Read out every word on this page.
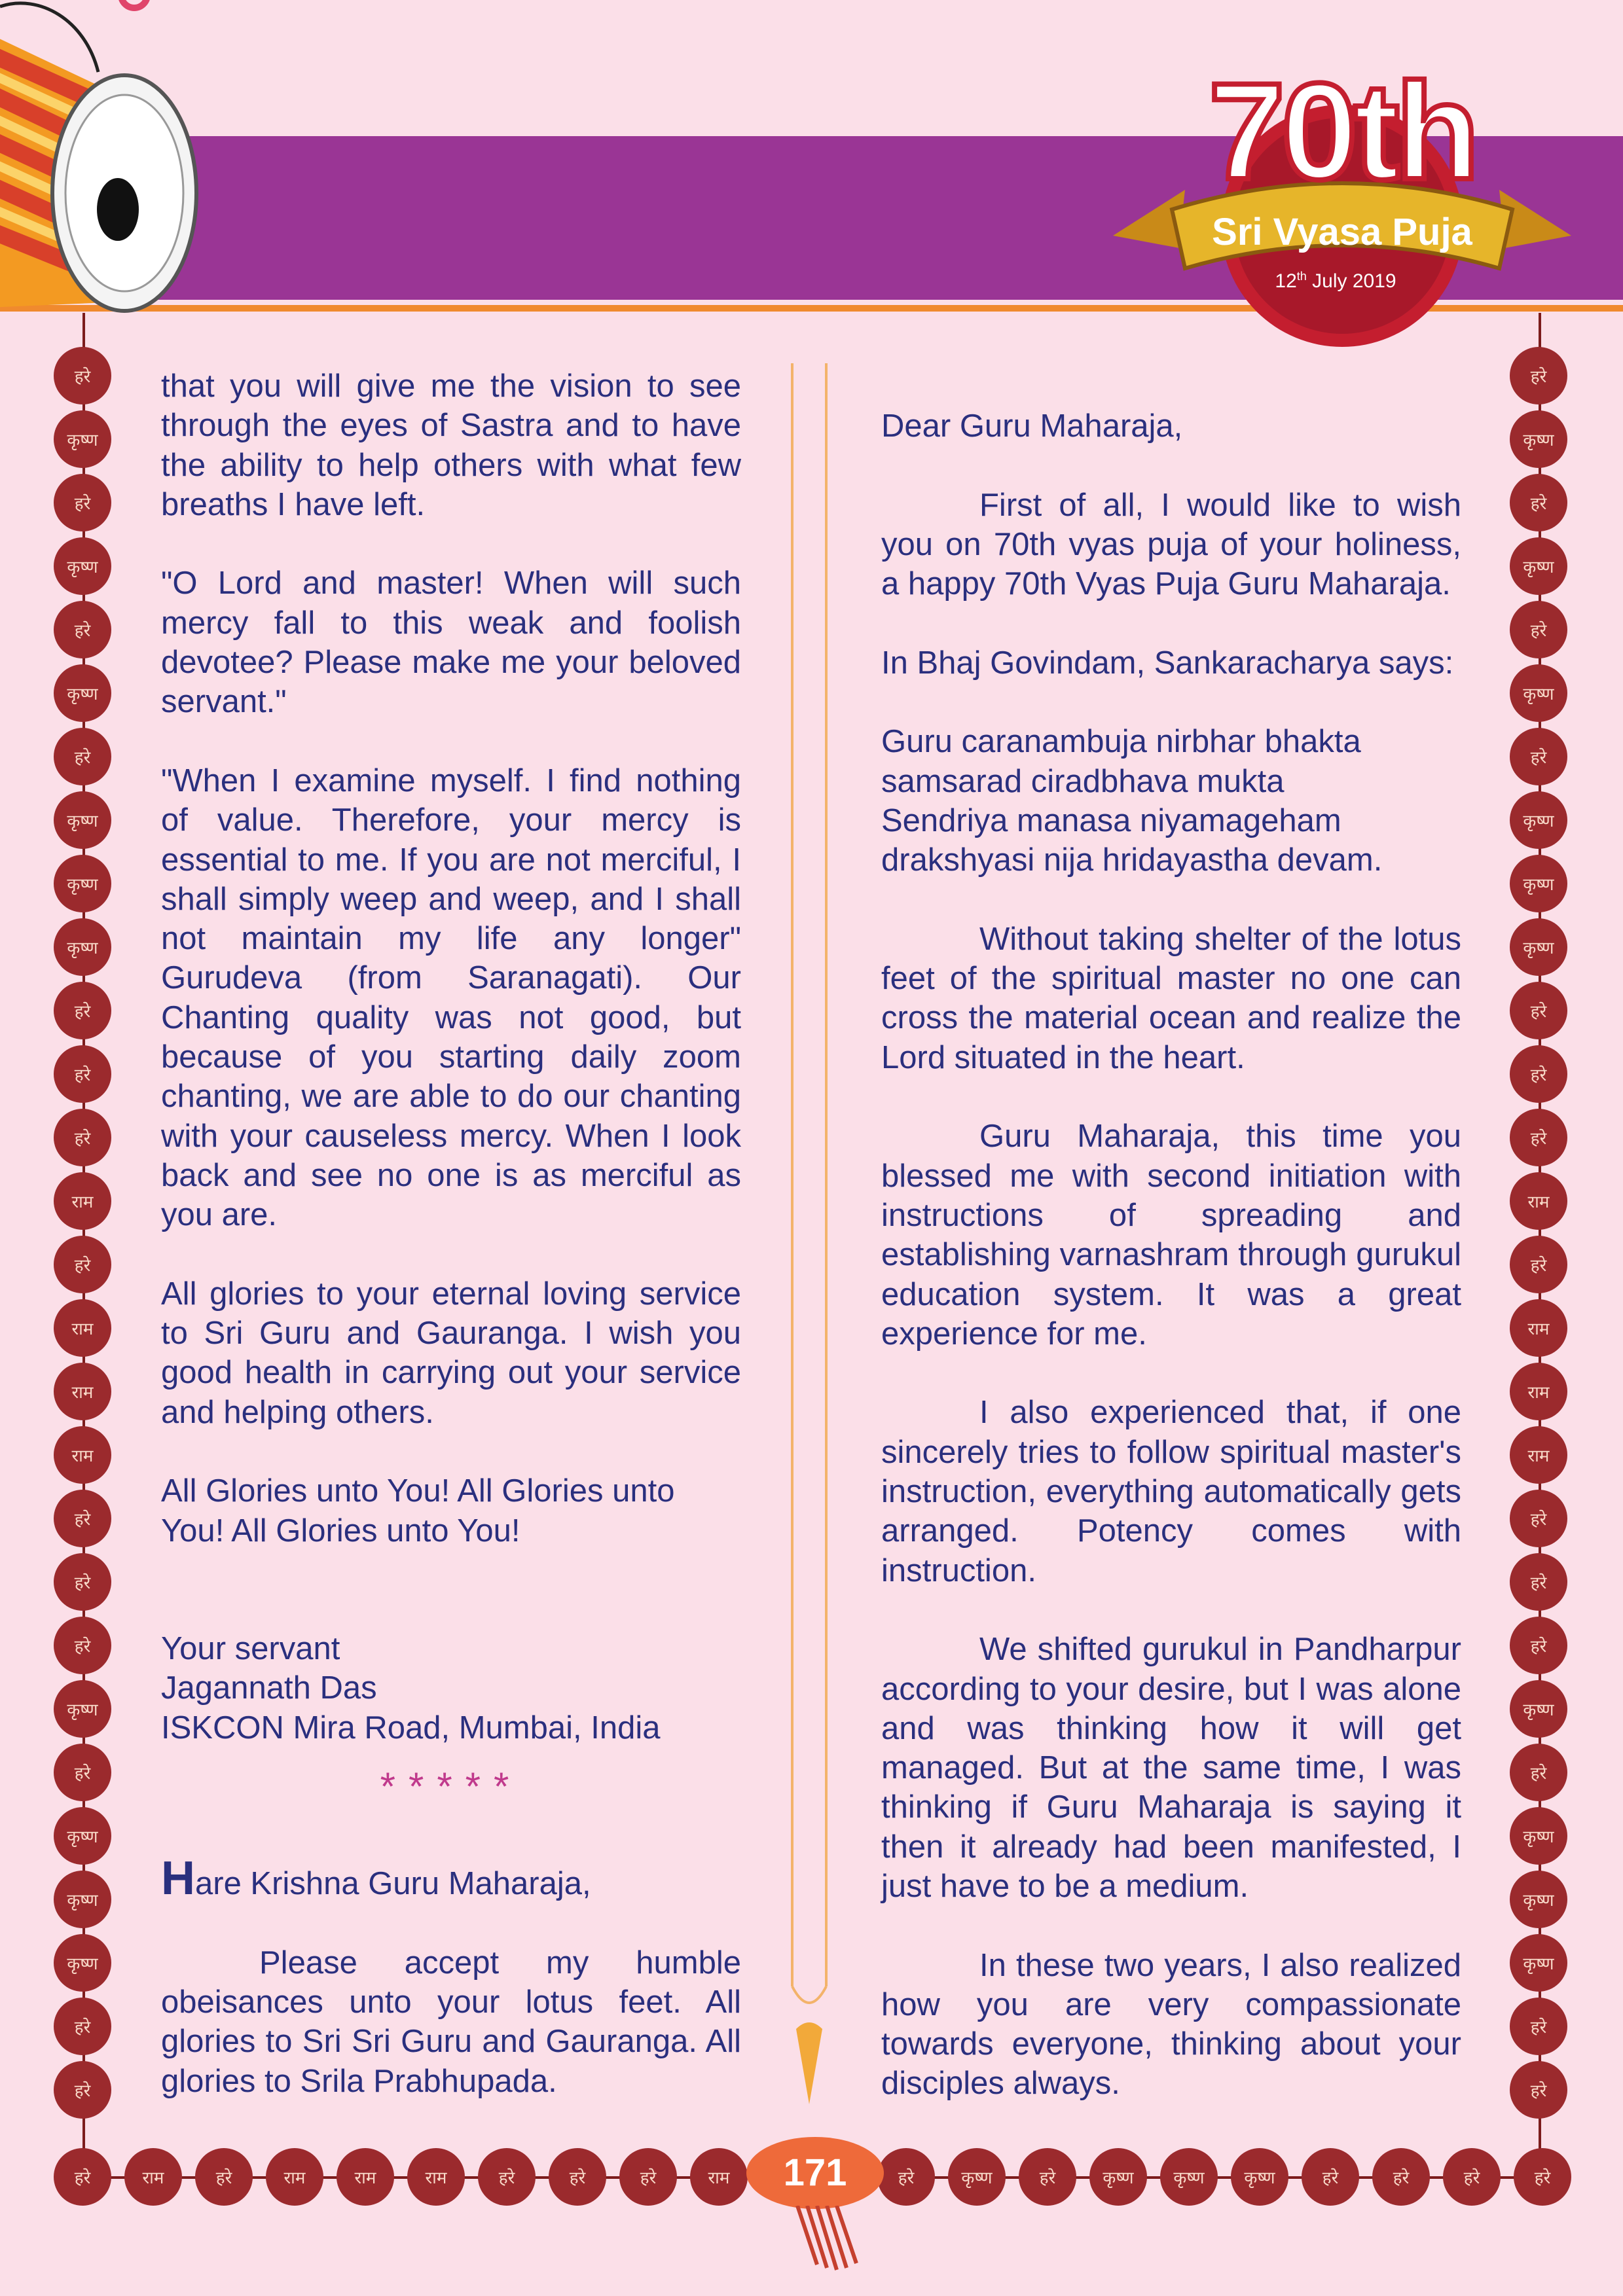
70th
Sri Vyasa Puja
12th July 2019
हरे
कृष्ण
हरे
कृष्ण
हरे
कृष्ण
हरे
कृष्ण
कृष्ण
कृष्ण
हरे
हरे
हरे
राम
हरे
राम
राम
राम
हरे
हरे
हरे
कृष्ण
हरे
कृष्ण
कृष्ण
कृष्ण
हरे
हरे
हरे
कृष्ण
हरे
कृष्ण
हरे
कृष्ण
हरे
कृष्ण
कृष्ण
कृष्ण
हरे
हरे
हरे
राम
हरे
राम
राम
राम
हरे
हरे
हरे
कृष्ण
हरे
कृष्ण
कृष्ण
कृष्ण
हरे
हरे
हरे	राम	हरे	राम	राम	राम	हरे	हरे	हरे	राम	हरे	कृष्ण	हरे	कृष्ण	कृष्ण	कृष्ण	हरे	हरे	हरे	हरे
171

that you will give me the vision to see through the eyes of Sastra and to have the ability to help others with what few breaths I have left.

"O Lord and master! When will such mercy fall to this weak and foolish devotee? Please make me your beloved servant."

"When I examine myself. I find nothing of value. Therefore, your mercy is essential to me. If you are not merciful, I shall simply weep and weep, and I shall not maintain my life any longer" Gurudeva (from Saranagati). Our Chanting quality was not good, but because of you starting daily zoom chanting, we are able to do our chanting with your causeless mercy. When I look back and see no one is as merciful as you are.

All glories to your eternal loving service to Sri Guru and Gauranga. I wish you good health in carrying out your service and helping others.

All Glories unto You! All Glories unto You! All Glories unto You!

Your servant
Jagannath Das
ISKCON Mira Road, Mumbai, India

*****

Hare Krishna Guru Maharaja,

Please accept my humble obeisances unto your lotus feet. All glories to Sri Sri Guru and Gauranga. All glories to Srila Prabhupada.

Dear Guru Maharaja,

First of all, I would like to wish you on 70th vyas puja of your holiness, a happy 70th Vyas Puja Guru Maharaja.

In Bhaj Govindam, Sankaracharya says:

Guru caranambuja nirbhar bhakta
samsarad ciradbhava mukta
Sendriya manasa niyamageham
drakshyasi nija hridayastha devam.

Without taking shelter of the lotus feet of the spiritual master no one can cross the material ocean and realize the Lord situated in the heart.

Guru Maharaja, this time you blessed me with second initiation with instructions of spreading and establishing varnashram through gurukul education system. It was a great experience for me.

I also experienced that, if one sincerely tries to follow spiritual master's instruction, everything automatically gets arranged. Potency comes with instruction.

We shifted gurukul in Pandharpur according to your desire, but I was alone and was thinking how it will get managed. But at the same time, I was thinking if Guru Maharaja is saying it then it already had been manifested, I just have to be a medium.

In these two years, I also realized how you are very compassionate towards everyone, thinking about your disciples always.
